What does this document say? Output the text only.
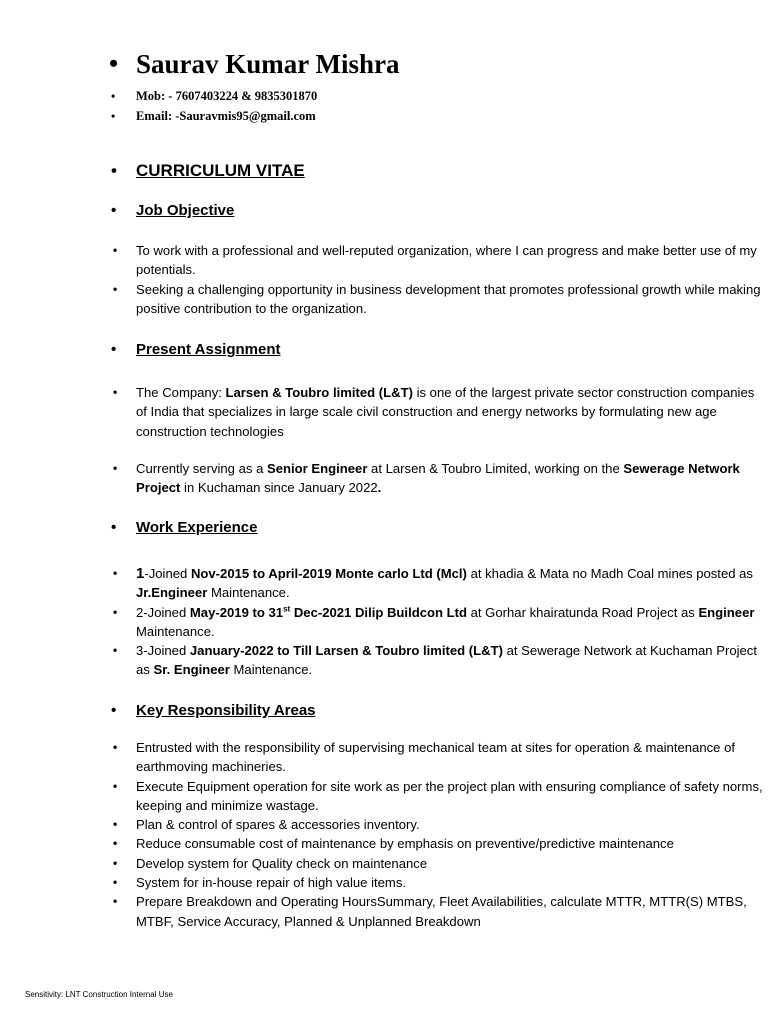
• Saurav Kumar Mishra
• Mob: - 7607403224 & 9835301870
• Email: -Sauravmis95@gmail.com
• CURRICULUM VITAE
• Job Objective
• To work with a professional and well-reputed organization, where I can progress and make better use of my potentials.
• Seeking a challenging opportunity in business development that promotes professional growth while making positive contribution to the organization.
• Present Assignment
• The Company: Larsen & Toubro limited (L&T) is one of the largest private sector construction companies of India that specializes in large scale civil construction and energy networks by formulating new age construction technologies
• Currently serving as a Senior Engineer at Larsen & Toubro Limited, working on the Sewerage Network Project in Kuchaman since January 2022.
• Work Experience
• 1-Joined Nov-2015 to April-2019 Monte carlo Ltd (Mcl) at khadia & Mata no Madh Coal mines posted as Jr.Engineer Maintenance.
• 2-Joined May-2019 to 31st Dec-2021 Dilip Buildcon Ltd at Gorhar khairatunda Road Project as Engineer Maintenance.
• 3-Joined January-2022 to Till Larsen & Toubro limited (L&T) at Sewerage Network at Kuchaman Project as Sr. Engineer Maintenance.
• Key Responsibility Areas
• Entrusted with the responsibility of supervising mechanical team at sites for operation & maintenance of earthmoving machineries.
• Execute Equipment operation for site work as per the project plan with ensuring compliance of safety norms, keeping and minimize wastage.
• Plan & control of spares & accessories inventory.
• Reduce consumable cost of maintenance by emphasis on preventive/predictive maintenance
• Develop system for Quality check on maintenance
• System for in-house repair of high value items.
• Prepare Breakdown and Operating HoursSummary, Fleet Availabilities, calculate MTTR, MTTR(S) MTBS, MTBF, Service Accuracy, Planned & Unplanned Breakdown
Sensitivity: LNT Construction Internal Use
